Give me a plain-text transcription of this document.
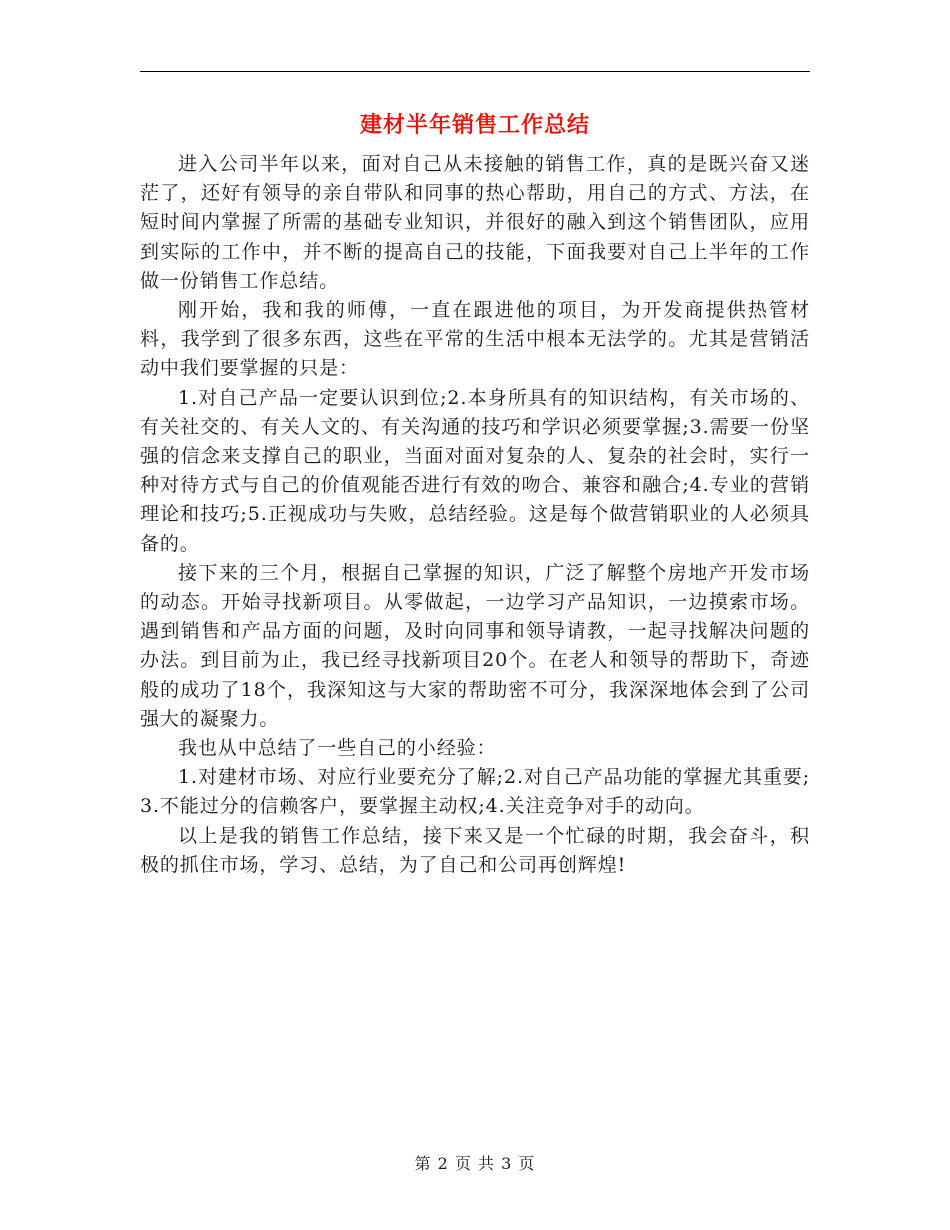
建材半年销售工作总结

进入公司半年以来，面对自己从未接触的销售工作，真的是既兴奋又迷茫了，还好有领导的亲自带队和同事的热心帮助，用自己的方式、方法，在短时间内掌握了所需的基础专业知识，并很好的融入到这个销售团队，应用到实际的工作中，并不断的提高自己的技能，下面我要对自己上半年的工作做一份销售工作总结。

刚开始，我和我的师傅，一直在跟进他的项目，为开发商提供热管材料，我学到了很多东西，这些在平常的生活中根本无法学的。尤其是营销活动中我们要掌握的只是：

1.对自己产品一定要认识到位;2.本身所具有的知识结构，有关市场的、有关社交的、有关人文的、有关沟通的技巧和学识必须要掌握;3.需要一份坚强的信念来支撑自己的职业，当面对面对复杂的人、复杂的社会时，实行一种对待方式与自己的价值观能否进行有效的吻合、兼容和融合;4.专业的营销理论和技巧;5.正视成功与失败，总结经验。这是每个做营销职业的人必须具备的。

接下来的三个月，根据自己掌握的知识，广泛了解整个房地产开发市场的动态。开始寻找新项目。从零做起，一边学习产品知识，一边摸索市场。遇到销售和产品方面的问题，及时向同事和领导请教，一起寻找解决问题的办法。到目前为止，我已经寻找新项目20个。在老人和领导的帮助下，奇迹般的成功了18个，我深知这与大家的帮助密不可分，我深深地体会到了公司强大的凝聚力。

我也从中总结了一些自己的小经验：

1.对建材市场、对应行业要充分了解;2.对自己产品功能的掌握尤其重要;3.不能过分的信赖客户，要掌握主动权;4.关注竞争对手的动向。

以上是我的销售工作总结，接下来又是一个忙碌的时期，我会奋斗，积极的抓住市场，学习、总结，为了自己和公司再创辉煌!

第 2 页 共 3 页
